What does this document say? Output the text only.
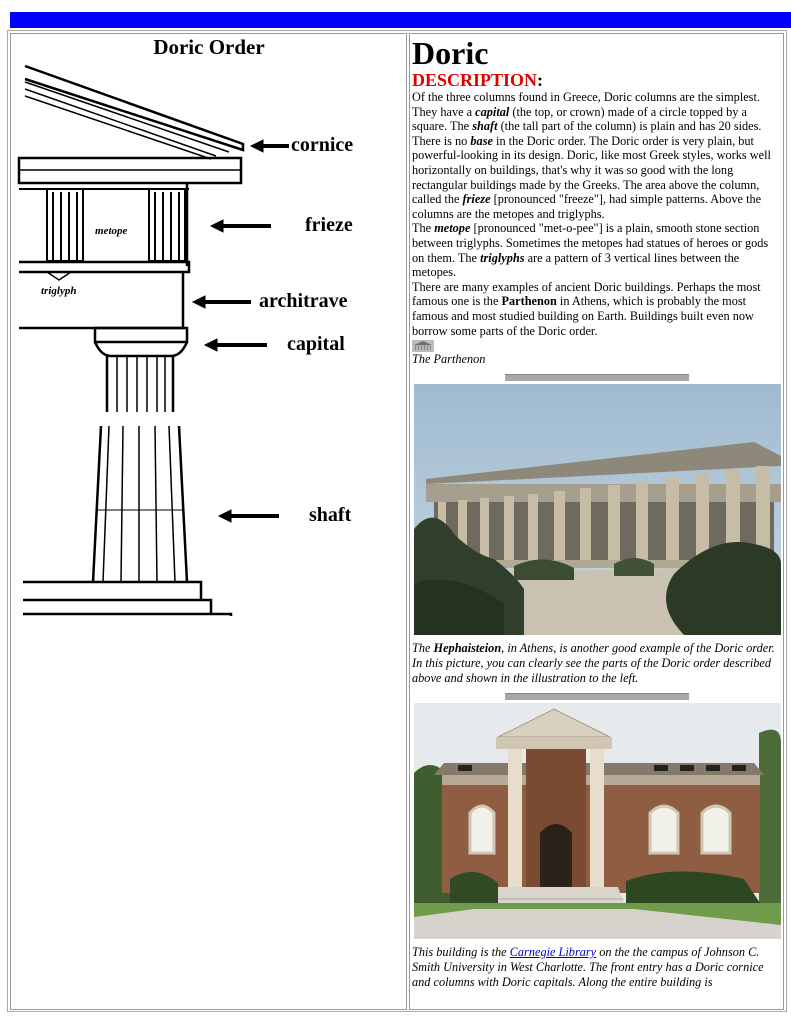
Doric Order
cornice
frieze
architrave
capital
shaft
metope
triglyph
Doric

DESCRIPTION:

Of the three columns found in Greece, Doric columns are the simplest. They have a capital (the top, or crown) made of a circle topped by a square. The shaft (the tall part of the column) is plain and has 20 sides. There is no base in the Doric order. The Doric order is very plain, but powerful-looking in its design. Doric, like most Greek styles, works well horizontally on buildings, that's why it was so good with the long rectangular buildings made by the Greeks. The area above the column, called the frieze [pronounced "freeze"], had simple patterns. Above the columns are the metopes and triglyphs.

The metope [pronounced "met-o-pee"] is a plain, smooth stone section between triglyphs. Sometimes the metopes had statues of heroes or gods on them. The triglyphs are a pattern of 3 vertical lines between the metopes.

There are many examples of ancient Doric buildings. Perhaps the most famous one is the Parthenon in Athens, which is probably the most famous and most studied building on Earth. Buildings built even now borrow some parts of the Doric order.

The Parthenon

The Hephaisteion, in Athens, is another good example of the Doric order. In this picture, you can clearly see the parts of the Doric order described above and shown in the illustration to the left.

This building is the Carnegie Library on the the campus of Johnson C. Smith University in West Charlotte. The front entry has a Doric cornice and columns with Doric capitals. Along the entire building is
